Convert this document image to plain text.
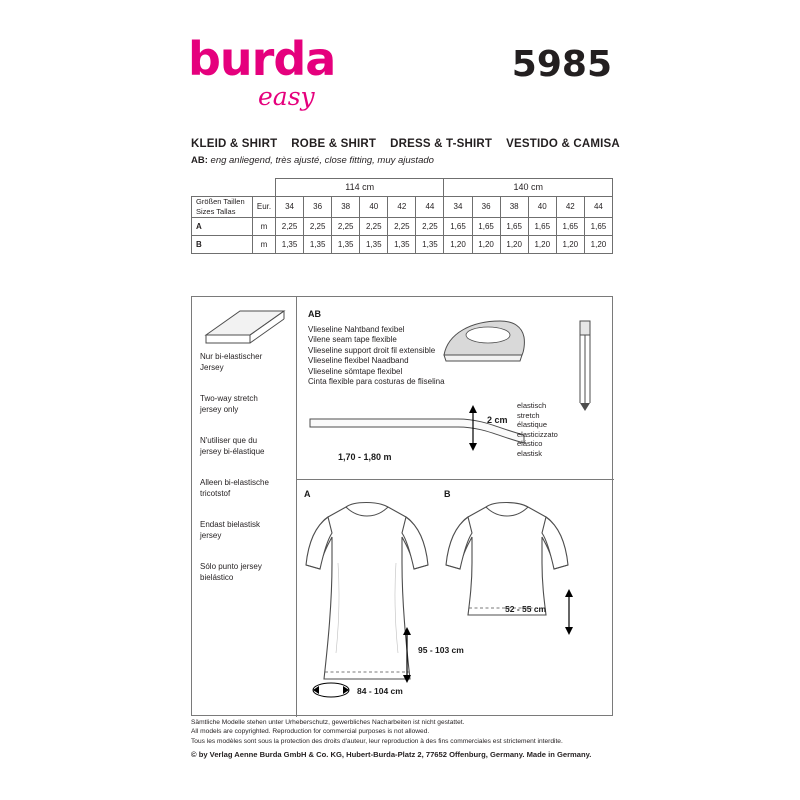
burda
easy
5985
KLEID & SHIRT ROBE & SHIRT DRESS & T-SHIRT VESTIDO & CAMISA
AB: eng anliegend, très ajusté, close fitting, muy ajustado
		114 cm						140 cm					
Größen Taillen
Sizes Tallas	Eur.	34	36	38	40	42	44	34	36	38	40	42	44
A	m	2,25	2,25	2,25	2,25	2,25	2,25	1,65	1,65	1,65	1,65	1,65	1,65
B	m	1,35	1,35	1,35	1,35	1,35	1,35	1,20	1,20	1,20	1,20	1,20	1,20
Nur bi-elastischer
Jersey
Two-way stretch
jersey only
N'utiliser que du
jersey bi-élastique
Alleen bi-elastische
tricotstof
Endast bielastisk
jersey
Sólo punto jersey
bielástico
AB
Vlieseline Nahtband fexibel
Vilene seam tape flexible
Vlieseline support droit fil extensible
Vlieseline flexibel Naadband
Vlieseline sömtape flexibel
Cinta flexible para costuras de fliselina
1,70 - 1,80 m
2 cm
elastisch
stretch
élastique
elasticizzato
elástico
elastisk
A	B
95 - 103 cm
84 - 104 cm
52 - 55 cm
Sämtliche Modelle stehen unter Urheberschutz, gewerbliches Nacharbeiten ist nicht gestattet.
All models are copyrighted. Reproduction for commercial purposes is not allowed.
Tous les modèles sont sous la protection des droits d'auteur, leur reproduction à des fins commerciales est strictement interdite.
© by Verlag Aenne Burda GmbH & Co. KG, Hubert-Burda-Platz 2, 77652 Offenburg, Germany. Made in Germany.
